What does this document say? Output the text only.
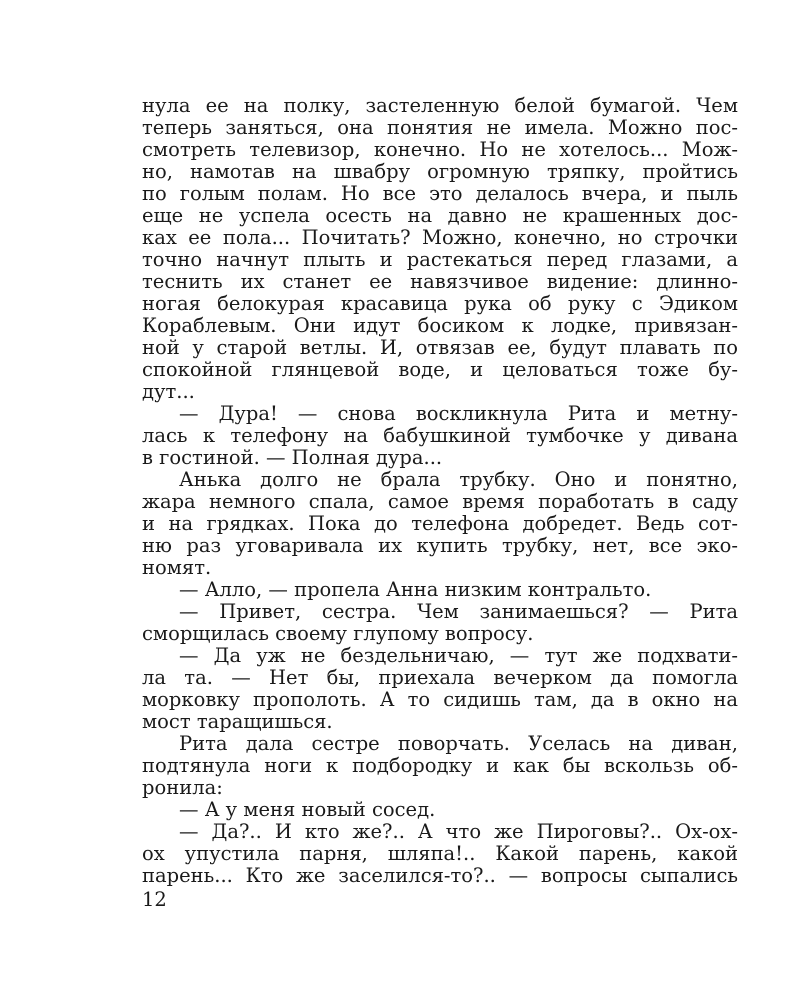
нула ее на полку, застеленную белой бумагой. Чем
теперь заняться, она понятия не имела. Можно пос-
смотреть телевизор, конечно. Но не хотелось... Мож-
но, намотав на швабру огромную тряпку, пройтись
по голым полам. Но все это делалось вчера, и пыль
еще не успела осесть на давно не крашенных дос-
ках ее пола... Почитать? Можно, конечно, но строчки
точно начнут плыть и растекаться перед глазами, а
теснить их станет ее навязчивое видение: длинно-
ногая белокурая красавица рука об руку с Эдиком
Кораблевым. Они идут босиком к лодке, привязан-
ной у старой ветлы. И, отвязав ее, будут плавать по
спокойной глянцевой воде, и целоваться тоже бу-
дут...
— Дура! — снова воскликнула Рита и метну-
лась к телефону на бабушкиной тумбочке у дивана
в гостиной. — Полная дура...
Анька долго не брала трубку. Оно и понятно,
жара немного спала, самое время поработать в саду
и на грядках. Пока до телефона добредет. Ведь сот-
ню раз уговаривала их купить трубку, нет, все эко-
номят.
— Алло, — пропела Анна низким контральто.
— Привет, сестра. Чем занимаешься? — Рита
сморщилась своему глупому вопросу.
— Да уж не бездельничаю, — тут же подхвати-
ла та. — Нет бы, приехала вечерком да помогла
морковку прополоть. А то сидишь там, да в окно на
мост таращишься.
Рита дала сестре поворчать. Уселась на диван,
подтянула ноги к подбородку и как бы вскользь об-
ронила:
— А у меня новый сосед.
— Да?.. И кто же?.. А что же Пироговы?.. Ох-ох-
ох упустила парня, шляпа!.. Какой парень, какой
парень... Кто же заселился-то?.. — вопросы сыпались
12
